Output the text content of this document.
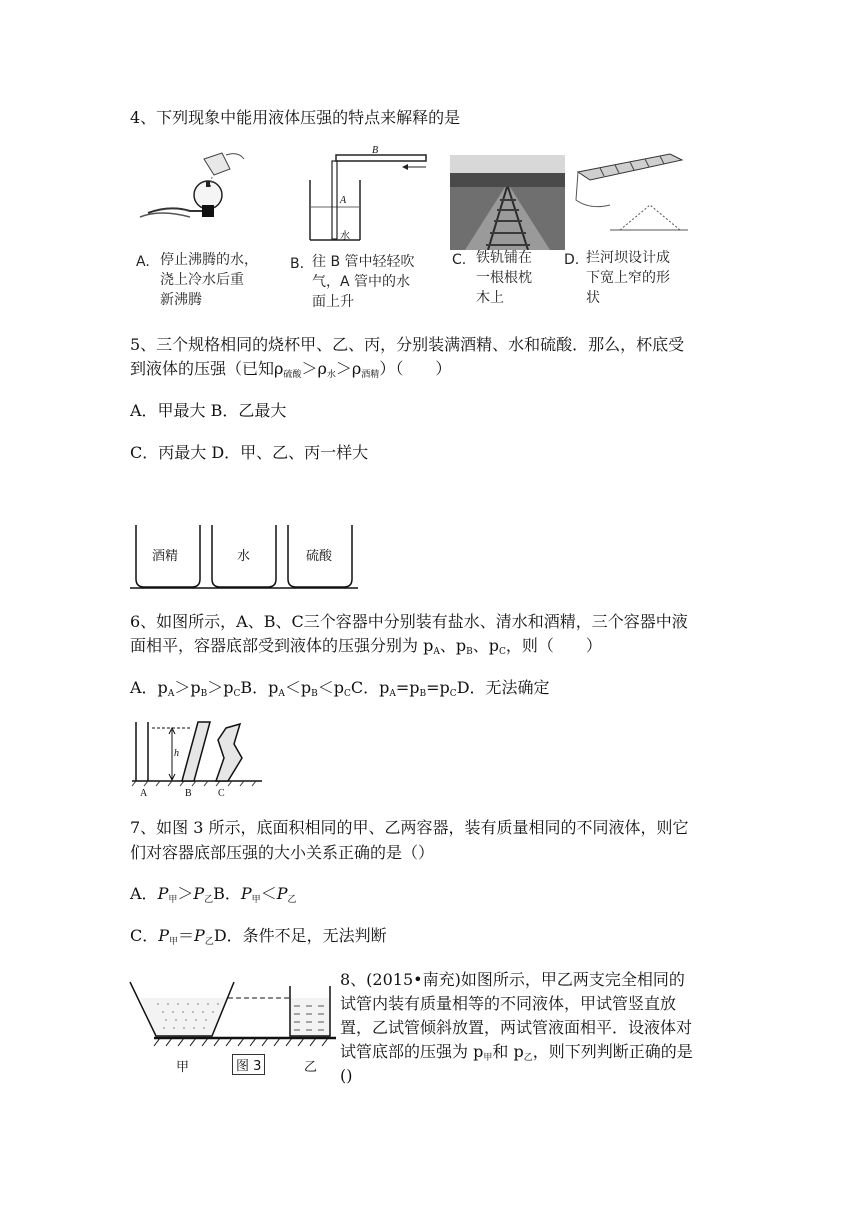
4、下列现象中能用液体压强的特点来解释的是
B
A
水
A. 停止沸腾的水，
浇上冷水后重
新沸腾
B. 往 B 管中轻轻吹
气，A 管中的水
面上升
C. 铁轨铺在
一根根枕
木上
D. 拦河坝设计成
下宽上窄的形
状
5、三个规格相同的烧杯甲、乙、丙，分别装满酒精、水和硫酸．那么，杯底受
到液体的压强（已知$\rho_{硫酸}>\rho_水>\rho_{酒精}$）（　　）
A．甲最大 B．乙最大
C．丙最大 D．甲、乙、丙一样大
酒精	水	硫酸
6、如图所示，A、B、C三个容器中分别装有盐水、清水和酒精，三个容器中液
面相平，容器底部受到液体的压强分别为 $p_A$、$p_B$、$p_C$，则（　　）
A．$p_A>p_B>p_CB$．$p_A<p_B<p_CC$．$p_A=p_B=p_CD$．无法确定
h
A	B	C
7、如图 3 所示，底面积相同的甲、乙两容器，装有质量相同的不同液体，则它
们对容器底部压强的大小关系正确的是（）
A．$P_甲>P_乙B$．$P_甲<P_乙$
C．$P_甲=P_乙D$．条件不足，无法判断
甲	图 3	乙
8、(2015•南充)如图所示，甲乙两支完全相同的
试管内装有质量相等的不同液体，甲试管竖直放
置，乙试管倾斜放置，两试管液面相平．设液体对
试管底部的压强为 $p_甲$和 $p_乙$，则下列判断正确的是
()
